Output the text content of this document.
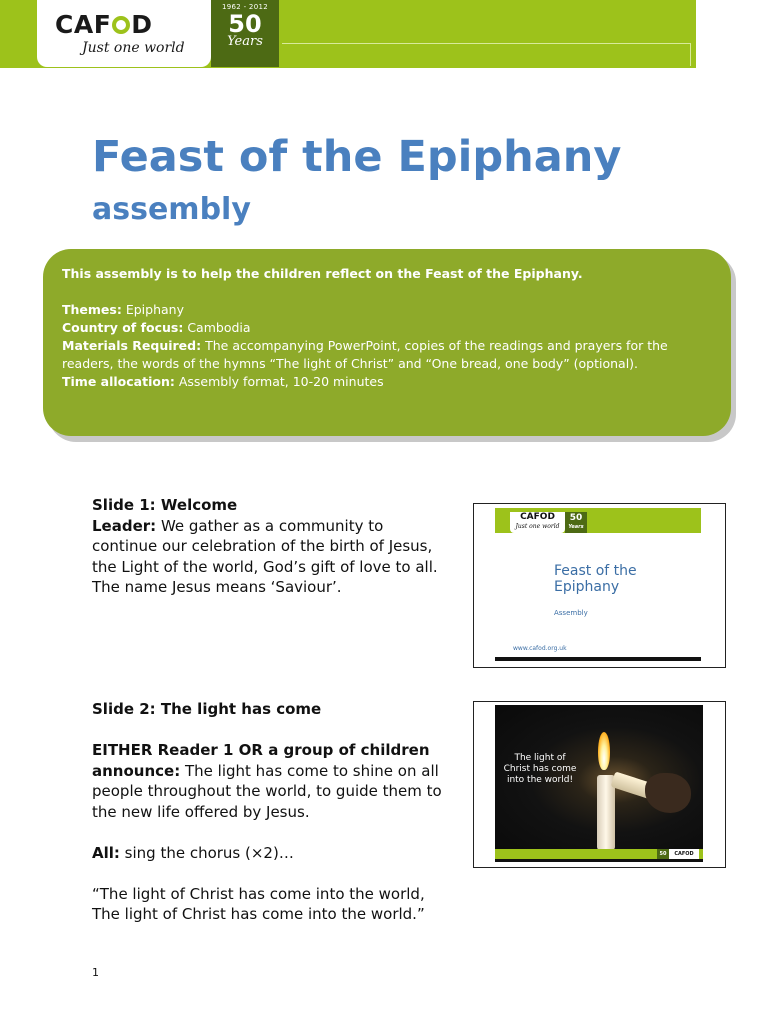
CAF D
Just one world
1962 - 2012
50
Years
Feast of the Epiphany
assembly

This assembly is to help the children reflect on the Feast of the Epiphany.

Themes: Epiphany

Country of focus: Cambodia

Materials Required: The accompanying PowerPoint, copies of the readings and prayers for the

readers, the words of the hymns “The light of Christ” and “One bread, one body” (optional).

Time allocation: Assembly format, 10-20 minutes

Slide 1: Welcome

Leader: We gather as a community to

continue our celebration of the birth of Jesus,

the Light of the world, God’s gift of love to all.

The name Jesus means ‘Saviour’.

CAFOD
Just one world
50
Years
Feast of the
Epiphany
Assembly
www.cafod.org.uk

Slide 2: The light has come

EITHER Reader 1 OR a group of children

announce: The light has come to shine on all

people throughout the world, to guide them to

the new life offered by Jesus.

All: sing the chorus (×2)…

“The light of Christ has come into the world,

The light of Christ has come into the world.”

The light of
Christ has come
into the world!
50	CAFOD
1
